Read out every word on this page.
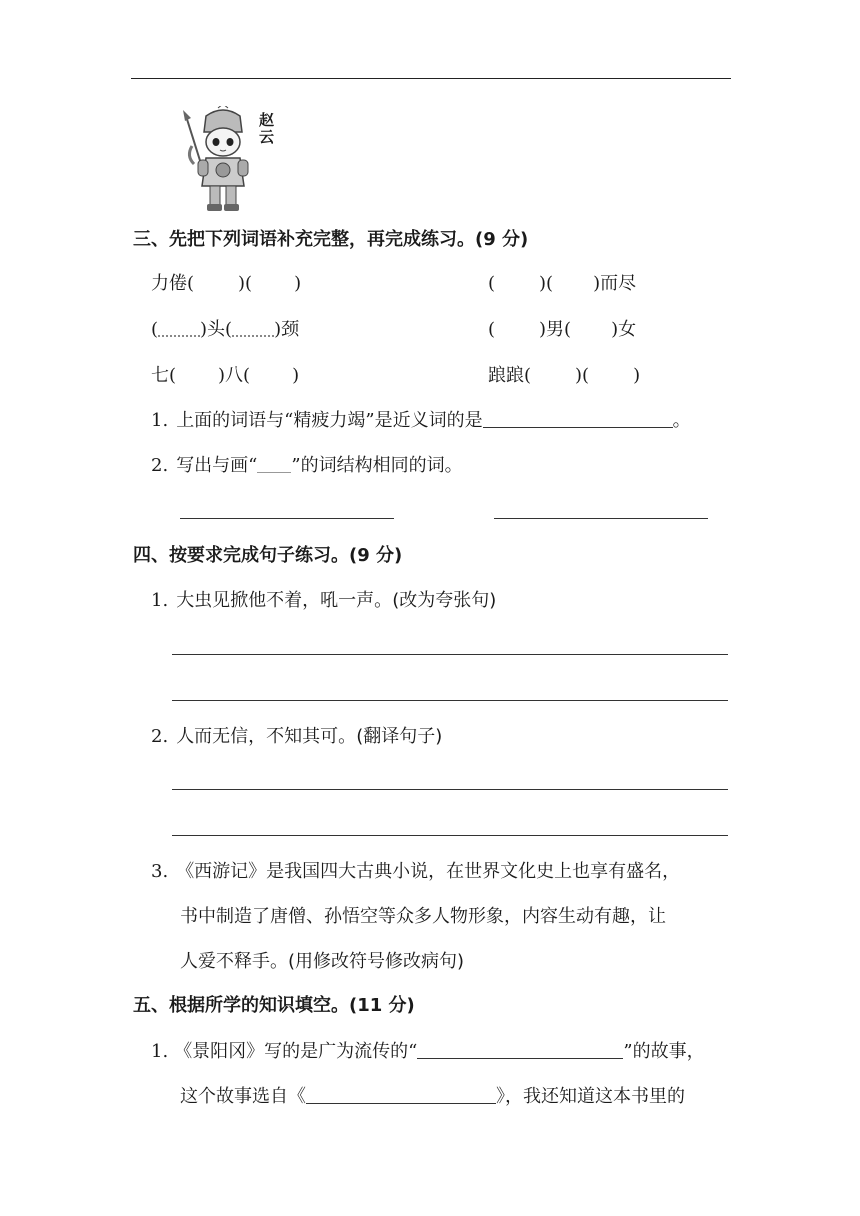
赵云
三、先把下列词语补充完整，再完成练习。(9 分)
力倦( )( )	( )( )而尽
( )头( )颈	( )男( )女
七( )八( )	踉踉( )( )
1. 上面的词语与“精疲力竭”是近义词的是	。
2. 写出与画“ ”的词结构相同的词。
四、按要求完成句子练习。(9 分)
1. 大虫见掀他不着，吼一声。(改为夸张句)
2. 人而无信，不知其可。(翻译句子)
3. 《西游记》是我国四大古典小说，在世界文化史上也享有盛名，
书中制造了唐僧、孙悟空等众多人物形象，内容生动有趣，让
人爱不释手。(用修改符号修改病句)
五、根据所学的知识填空。(11 分)
1. 《景阳冈》写的是广为流传的“	”的故事，
这个故事选自《	》，我还知道这本书里的
